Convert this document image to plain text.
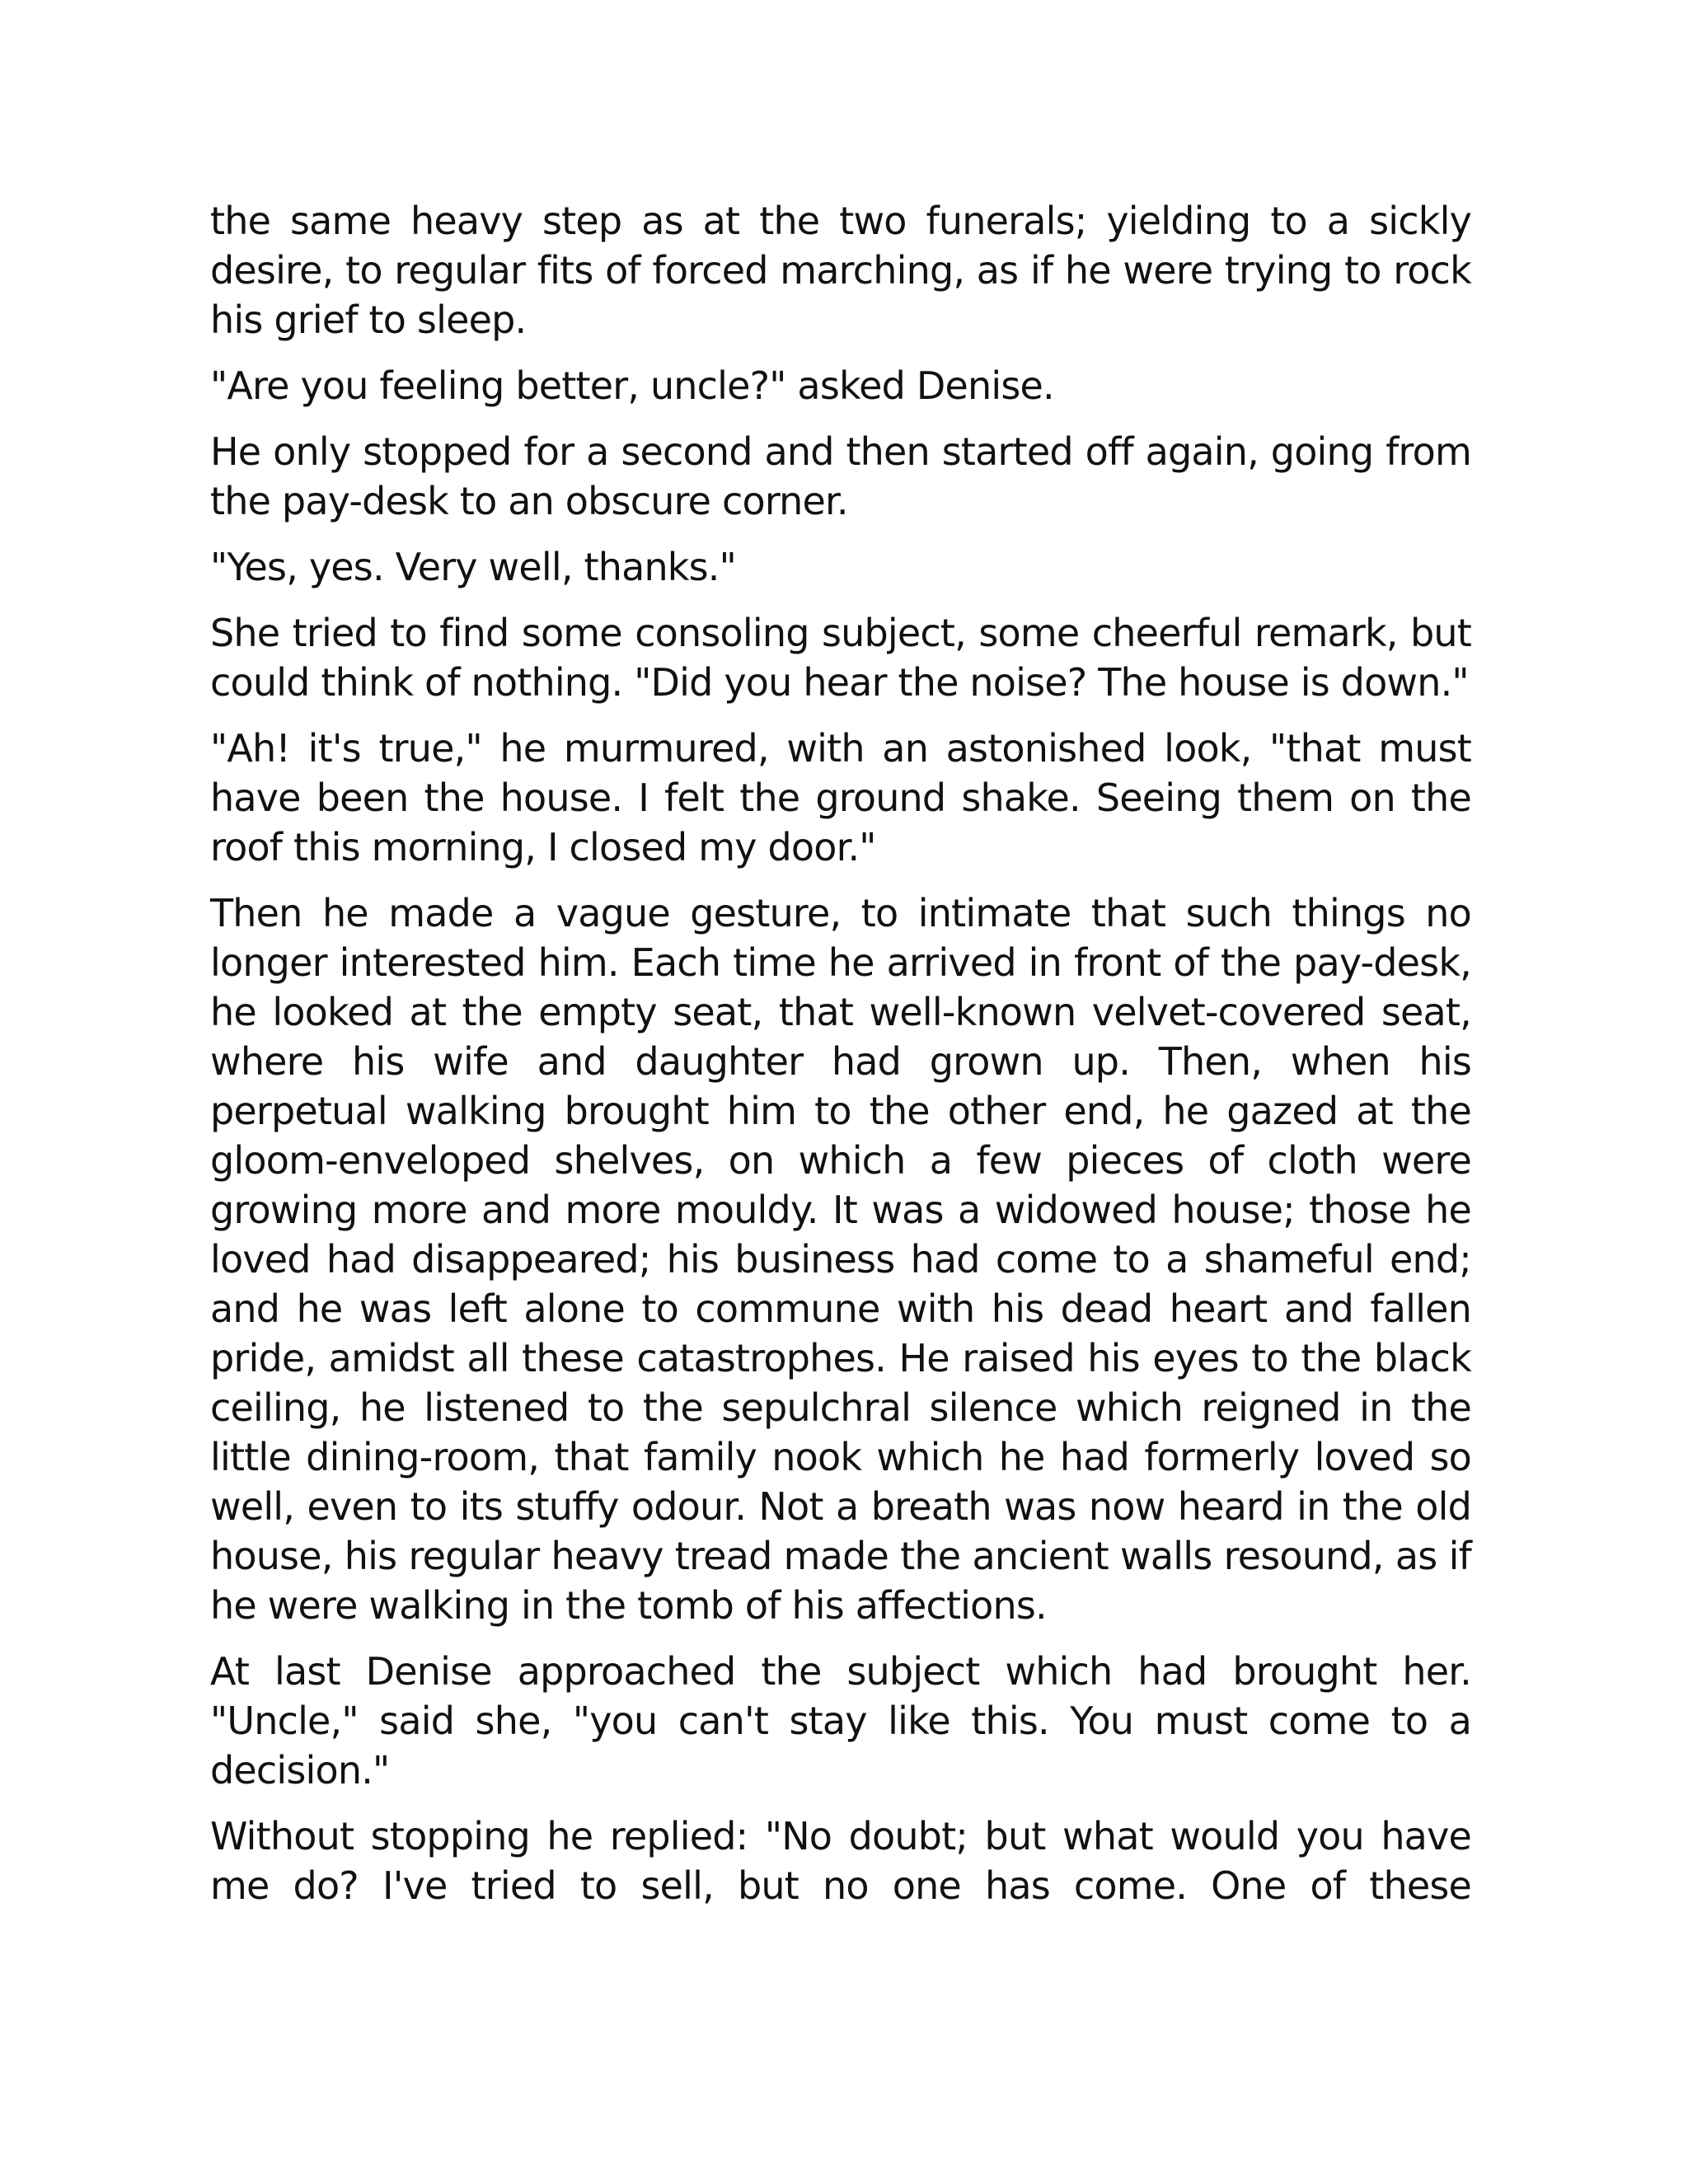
the same heavy step as at the two funerals; yielding to a sickly desire, to regular fits of forced marching, as if he were trying to rock his grief to sleep.

"Are you feeling better, uncle?" asked Denise.

He only stopped for a second and then started off again, going from the pay-desk to an obscure corner.

"Yes, yes. Very well, thanks."

She tried to find some consoling subject, some cheerful remark, but could think of nothing. "Did you hear the noise? The house is down."

"Ah! it's true," he murmured, with an astonished look, "that must have been the house. I felt the ground shake. Seeing them on the roof this morning, I closed my door."

Then he made a vague gesture, to intimate that such things no longer interested him. Each time he arrived in front of the pay-desk, he looked at the empty seat, that well-known velvet-covered seat, where his wife and daughter had grown up. Then, when his perpetual walking brought him to the other end, he gazed at the gloom-enveloped shelves, on which a few pieces of cloth were growing more and more mouldy. It was a widowed house; those he loved had disappeared; his business had come to a shameful end; and he was left alone to commune with his dead heart and fallen pride, amidst all these catastrophes. He raised his eyes to the black ceiling, he listened to the sepulchral silence which reigned in the little dining-room, that family nook which he had formerly loved so well, even to its stuffy odour. Not a breath was now heard in the old house, his regular heavy tread made the ancient walls resound, as if he were walking in the tomb of his affections.

At last Denise approached the subject which had brought her. "Uncle," said she, "you can't stay like this. You must come to a decision."

Without stopping he replied: "No doubt; but what would you have me do? I've tried to sell, but no one has come. One of these
